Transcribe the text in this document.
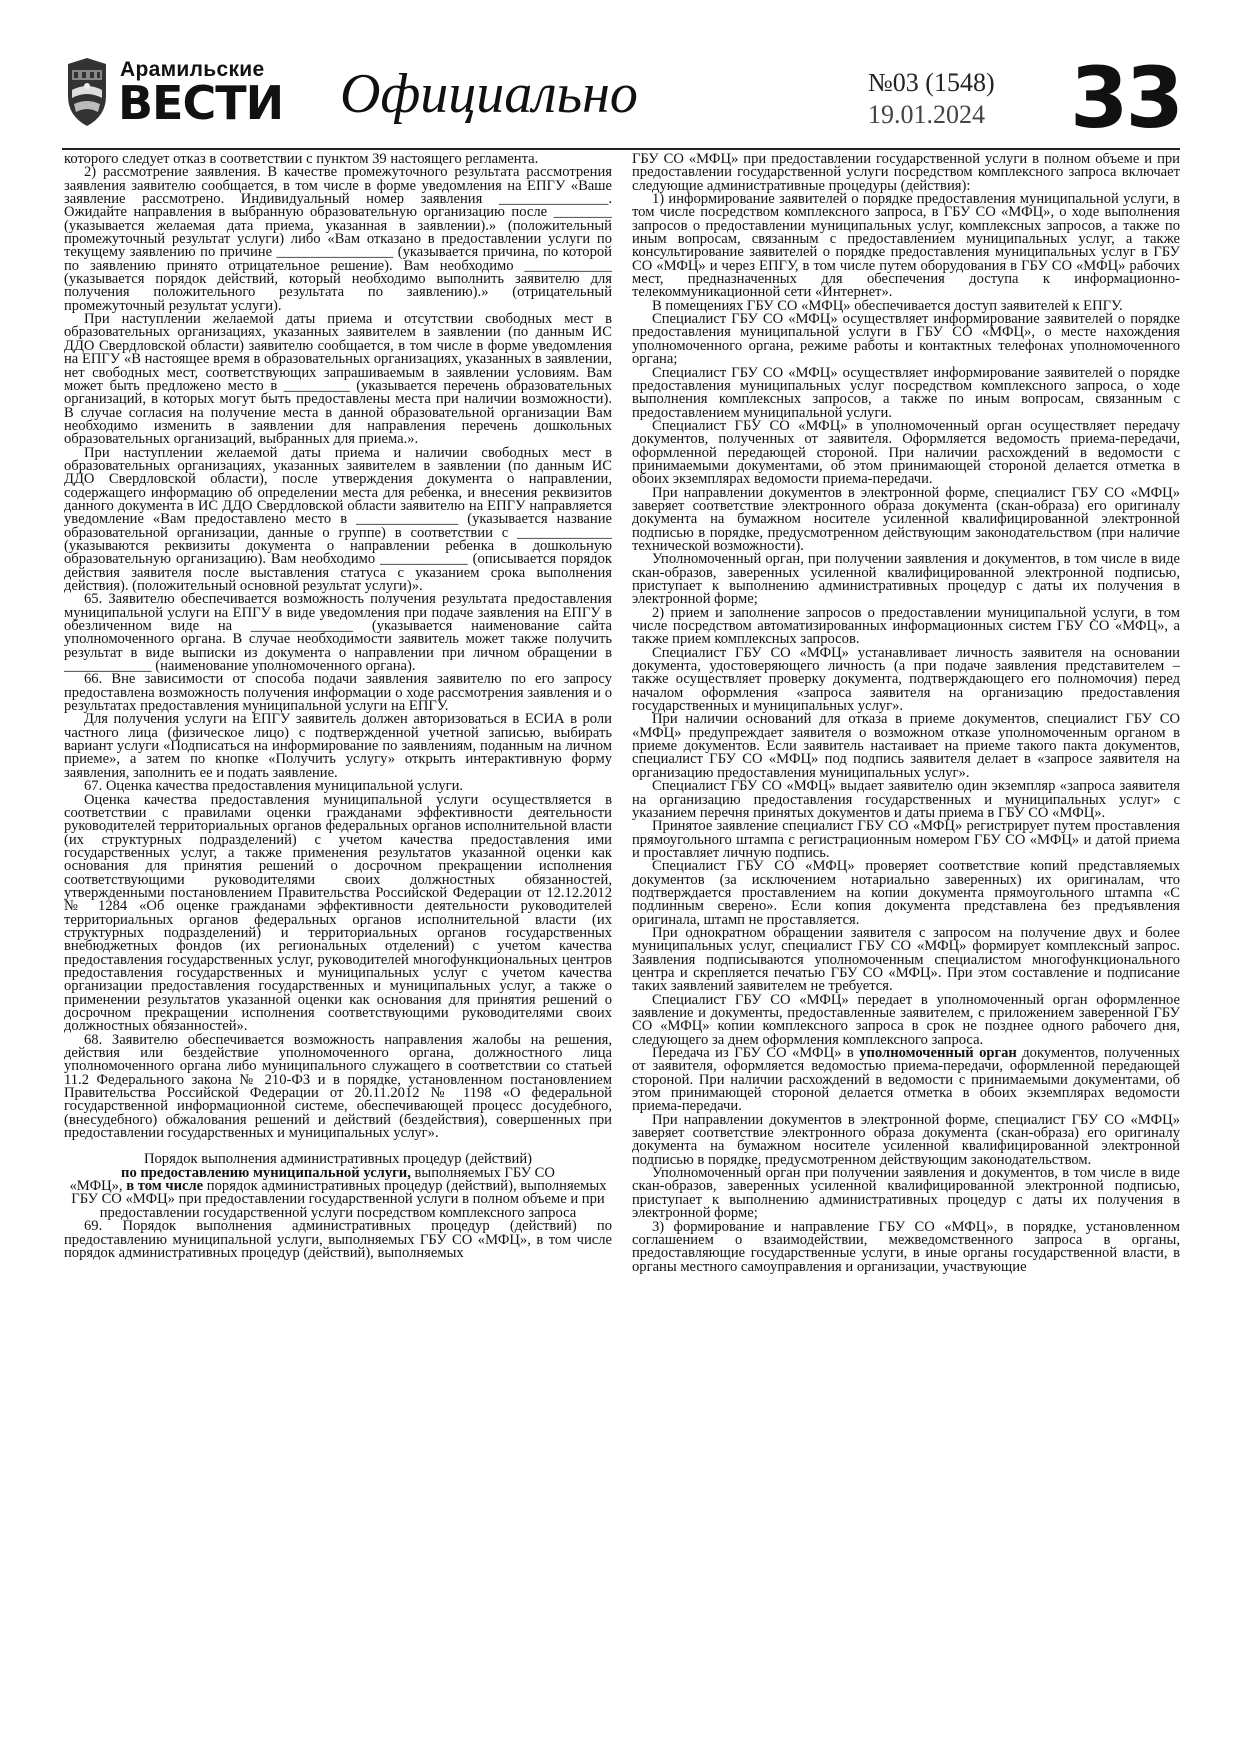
Арамильские
ВЕСТИ Официально	№03 (1548)
19.01.2024 33

которого следует отказ в соответствии с пунктом 39 настоящего регламента.

2) рассмотрение заявления. В качестве промежуточного результата рассмотрения заявления заявителю сообщается, в том числе в форме уведомления на ЕПГУ «Ваше заявление рассмотрено. Индивидуальный номер заявления _______________. Ожидайте направления в выбранную образовательную организацию после ________ (указывается желаемая дата приема, указанная в заявлении).» (положительный промежуточный результат услуги) либо «Вам отказано в предоставлении услуги по текущему заявлению по причине ________________ (указывается причина, по которой по заявлению принято отрицательное решение). Вам необходимо ____________ (указывается порядок действий, который необходимо выполнить заявителю для получения положительного результата по заявлению).» (отрицательный промежуточный результат услуги).

При наступлении желаемой даты приема и отсутствии свободных мест в образовательных организациях, указанных заявителем в заявлении (по данным ИС ДДО Свердловской области) заявителю сообщается, в том числе в форме уведомления на ЕПГУ «В настоящее время в образовательных организациях, указанных в заявлении, нет свободных мест, соответствующих запрашиваемым в заявлении условиям. Вам может быть предложено место в _________ (указывается перечень образовательных организаций, в которых могут быть предоставлены места при наличии возможности). В случае согласия на получение места в данной образовательной организации Вам необходимо изменить в заявлении для направления перечень дошкольных образовательных организаций, выбранных для приема.».

При наступлении желаемой даты приема и наличии свободных мест в образовательных организациях, указанных заявителем в заявлении (по данным ИС ДДО Свердловской области), после утверждения документа о направлении, содержащего информацию об определении места для ребенка, и внесения реквизитов данного документа в ИС ДДО Свердловской области заявителю на ЕПГУ направляется уведомление «Вам предоставлено место в ______________ (указывается название образовательной организации, данные о группе) в соответствии с _____________ (указываются реквизиты документа о направлении ребенка в дошкольную образовательную организацию). Вам необходимо ____________ (описывается порядок действия заявителя после выставления статуса с указанием срока выполнения действия). (положительный основной результат услуги)».

65. Заявителю обеспечивается возможность получения результата предоставления муниципальной услуги на ЕПГУ в виде уведомления при подаче заявления на ЕПГУ в обезличенном виде на ______________ (указывается наименование сайта уполномоченного органа. В случае необходимости заявитель может также получить результат в виде выписки из документа о направлении при личном обращении в ____________ (наименование уполномоченного органа).

66. Вне зависимости от способа подачи заявления заявителю по его запросу предоставлена возможность получения информации о ходе рассмотрения заявления и о результатах предоставления муниципальной услуги на ЕПГУ.

Для получения услуги на ЕПГУ заявитель должен авторизоваться в ЕСИА в роли частного лица (физическое лицо) с подтвержденной учетной записью, выбирать вариант услуги «Подписаться на информирование по заявлениям, поданным на личном приеме», а затем по кнопке «Получить услугу» открыть интерактивную форму заявления, заполнить ее и подать заявление.

67. Оценка качества предоставления муниципальной услуги.

Оценка качества предоставления муниципальной услуги осуществляется в соответствии с правилами оценки гражданами эффективности деятельности руководителей территориальных органов федеральных органов исполнительной власти (их структурных подразделений) с учетом качества предоставления ими государственных услуг, а также применения результатов указанной оценки как основания для принятия решений о досрочном прекращении исполнения соответствующими руководителями своих должностных обязанностей, утвержденными постановлением Правительства Российской Федерации от 12.12.2012 № 1284 «Об оценке гражданами эффективности деятельности руководителей территориальных органов федеральных органов исполнительной власти (их структурных подразделений) и территориальных органов государственных внебюджетных фондов (их региональных отделений) с учетом качества предоставления государственных услуг, руководителей многофункциональных центров предоставления государственных и муниципальных услуг с учетом качества организации предоставления государственных и муниципальных услуг, а также о применении результатов указанной оценки как основания для принятия решений о досрочном прекращении исполнения соответствующими руководителями своих должностных обязанностей».

68. Заявителю обеспечивается возможность направления жалобы на решения, действия или бездействие уполномоченного органа, должностного лица уполномоченного органа либо муниципального служащего в соответствии со статьей 11.2 Федерального закона № 210-ФЗ и в порядке, установленном постановлением Правительства Российской Федерации от 20.11.2012 № 1198 «О федеральной государственной информационной системе, обеспечивающей процесс досудебного, (внесудебного) обжалования решений и действий (бездействия), совершенных при предоставлении государственных и муниципальных услуг».

Порядок выполнения административных процедур (действий)

по предоставлению муниципальной услуги, выполняемых ГБУ СО

«МФЦ», в том числе порядок административных процедур (действий), выполняемых ГБУ СО «МФЦ» при предоставлении государственной услуги в полном объеме и при предоставлении государственной услуги посредством комплексного запроса

69. Порядок выполнения административных процедур (действий) по предоставлению муниципальной услуги, выполняемых ГБУ СО «МФЦ», в том числе порядок административных процедур (действий), выполняемых

ГБУ СО «МФЦ» при предоставлении государственной услуги в полном объеме и при предоставлении государственной услуги посредством комплексного запроса включает следующие административные процедуры (действия):

1) информирование заявителей о порядке предоставления муниципальной услуги, в том числе посредством комплексного запроса, в ГБУ СО «МФЦ», о ходе выполнения запросов о предоставлении муниципальных услуг, комплексных запросов, а также по иным вопросам, связанным с предоставлением муниципальных услуг, а также консультирование заявителей о порядке предоставления муниципальных услуг в ГБУ СО «МФЦ» и через ЕПГУ, в том числе путем оборудования в ГБУ СО «МФЦ» рабочих мест, предназначенных для обеспечения доступа к информационно-телекоммуникационной сети «Интернет».

В помещениях ГБУ СО «МФЦ» обеспечивается доступ заявителей к ЕПГУ.

Специалист ГБУ СО «МФЦ» осуществляет информирование заявителей о порядке предоставления муниципальной услуги в ГБУ СО «МФЦ», о месте нахождения уполномоченного органа, режиме работы и контактных телефонах уполномоченного органа;

Специалист ГБУ СО «МФЦ» осуществляет информирование заявителей о порядке предоставления муниципальных услуг посредством комплексного запроса, о ходе выполнения комплексных запросов, а также по иным вопросам, связанным с предоставлением муниципальной услуги.

Специалист ГБУ СО «МФЦ» в уполномоченный орган осуществляет передачу документов, полученных от заявителя. Оформляется ведомость приема-передачи, оформленной передающей стороной. При наличии расхождений в ведомости с принимаемыми документами, об этом принимающей стороной делается отметка в обоих экземплярах ведомости приема-передачи.

При направлении документов в электронной форме, специалист ГБУ СО «МФЦ» заверяет соответствие электронного образа документа (скан-образа) его оригиналу документа на бумажном носителе усиленной квалифицированной электронной подписью в порядке, предусмотренном действующим законодательством (при наличие технической возможности).

Уполномоченный орган, при получении заявления и документов, в том числе в виде скан-образов, заверенных усиленной квалифицированной электронной подписью, приступает к выполнению административных процедур с даты их получения в электронной форме;

2) прием и заполнение запросов о предоставлении муниципальной услуги, в том числе посредством автоматизированных информационных систем ГБУ СО «МФЦ», а также прием комплексных запросов.

Специалист ГБУ СО «МФЦ» устанавливает личность заявителя на основании документа, удостоверяющего личность (а при подаче заявления представителем – также осуществляет проверку документа, подтверждающего его полномочия) перед началом оформления «запроса заявителя на организацию предоставления государственных и муниципальных услуг».

При наличии оснований для отказа в приеме документов, специалист ГБУ СО «МФЦ» предупреждает заявителя о возможном отказе уполномоченным органом в приеме документов. Если заявитель настаивает на приеме такого пакта документов, специалист ГБУ СО «МФЦ» под подпись заявителя делает в «запросе заявителя на организацию предоставления муниципальных услуг».

Специалист ГБУ СО «МФЦ» выдает заявителю один экземпляр «запроса заявителя на организацию предоставления государственных и муниципальных услуг» с указанием перечня принятых документов и даты приема в ГБУ СО «МФЦ».

Принятое заявление специалист ГБУ СО «МФЦ» регистрирует путем проставления прямоугольного штампа с регистрационным номером ГБУ СО «МФЦ» и датой приема и проставляет личную подпись.

Специалист ГБУ СО «МФЦ» проверяет соответствие копий представляемых документов (за исключением нотариально заверенных) их оригиналам, что подтверждается проставлением на копии документа прямоугольного штампа «С подлинным сверено». Если копия документа представлена без предъявления оригинала, штамп не проставляется.

При однократном обращении заявителя с запросом на получение двух и более муниципальных услуг, специалист ГБУ СО «МФЦ» формирует комплексный запрос. Заявления подписываются уполномоченным специалистом многофункционального центра и скрепляется печатью ГБУ СО «МФЦ». При этом составление и подписание таких заявлений заявителем не требуется.

Специалист ГБУ СО «МФЦ» передает в уполномоченный орган оформленное заявление и документы, предоставленные заявителем, с приложением заверенной ГБУ СО «МФЦ» копии комплексного запроса в срок не позднее одного рабочего дня, следующего за днем оформления комплексного запроса.

Передача из ГБУ СО «МФЦ» в уполномоченный орган документов, полученных от заявителя, оформляется ведомостью приема-передачи, оформленной передающей стороной. При наличии расхождений в ведомости с принимаемыми документами, об этом принимающей стороной делается отметка в обоих экземплярах ведомости приема-передачи.

При направлении документов в электронной форме, специалист ГБУ СО «МФЦ» заверяет соответствие электронного образа документа (скан-образа) его оригиналу документа на бумажном носителе усиленной квалифицированной электронной подписью в порядке, предусмотренном действующим законодательством.

Уполномоченный орган при получении заявления и документов, в том числе в виде скан-образов, заверенных усиленной квалифицированной электронной подписью, приступает к выполнению административных процедур с даты их получения в электронной форме;

3) формирование и направление ГБУ СО «МФЦ», в порядке, установленном соглашением о взаимодействии, межведомственного запроса в органы, предоставляющие государственные услуги, в иные органы государственной власти, в органы местного самоуправления и организации, участвующие
